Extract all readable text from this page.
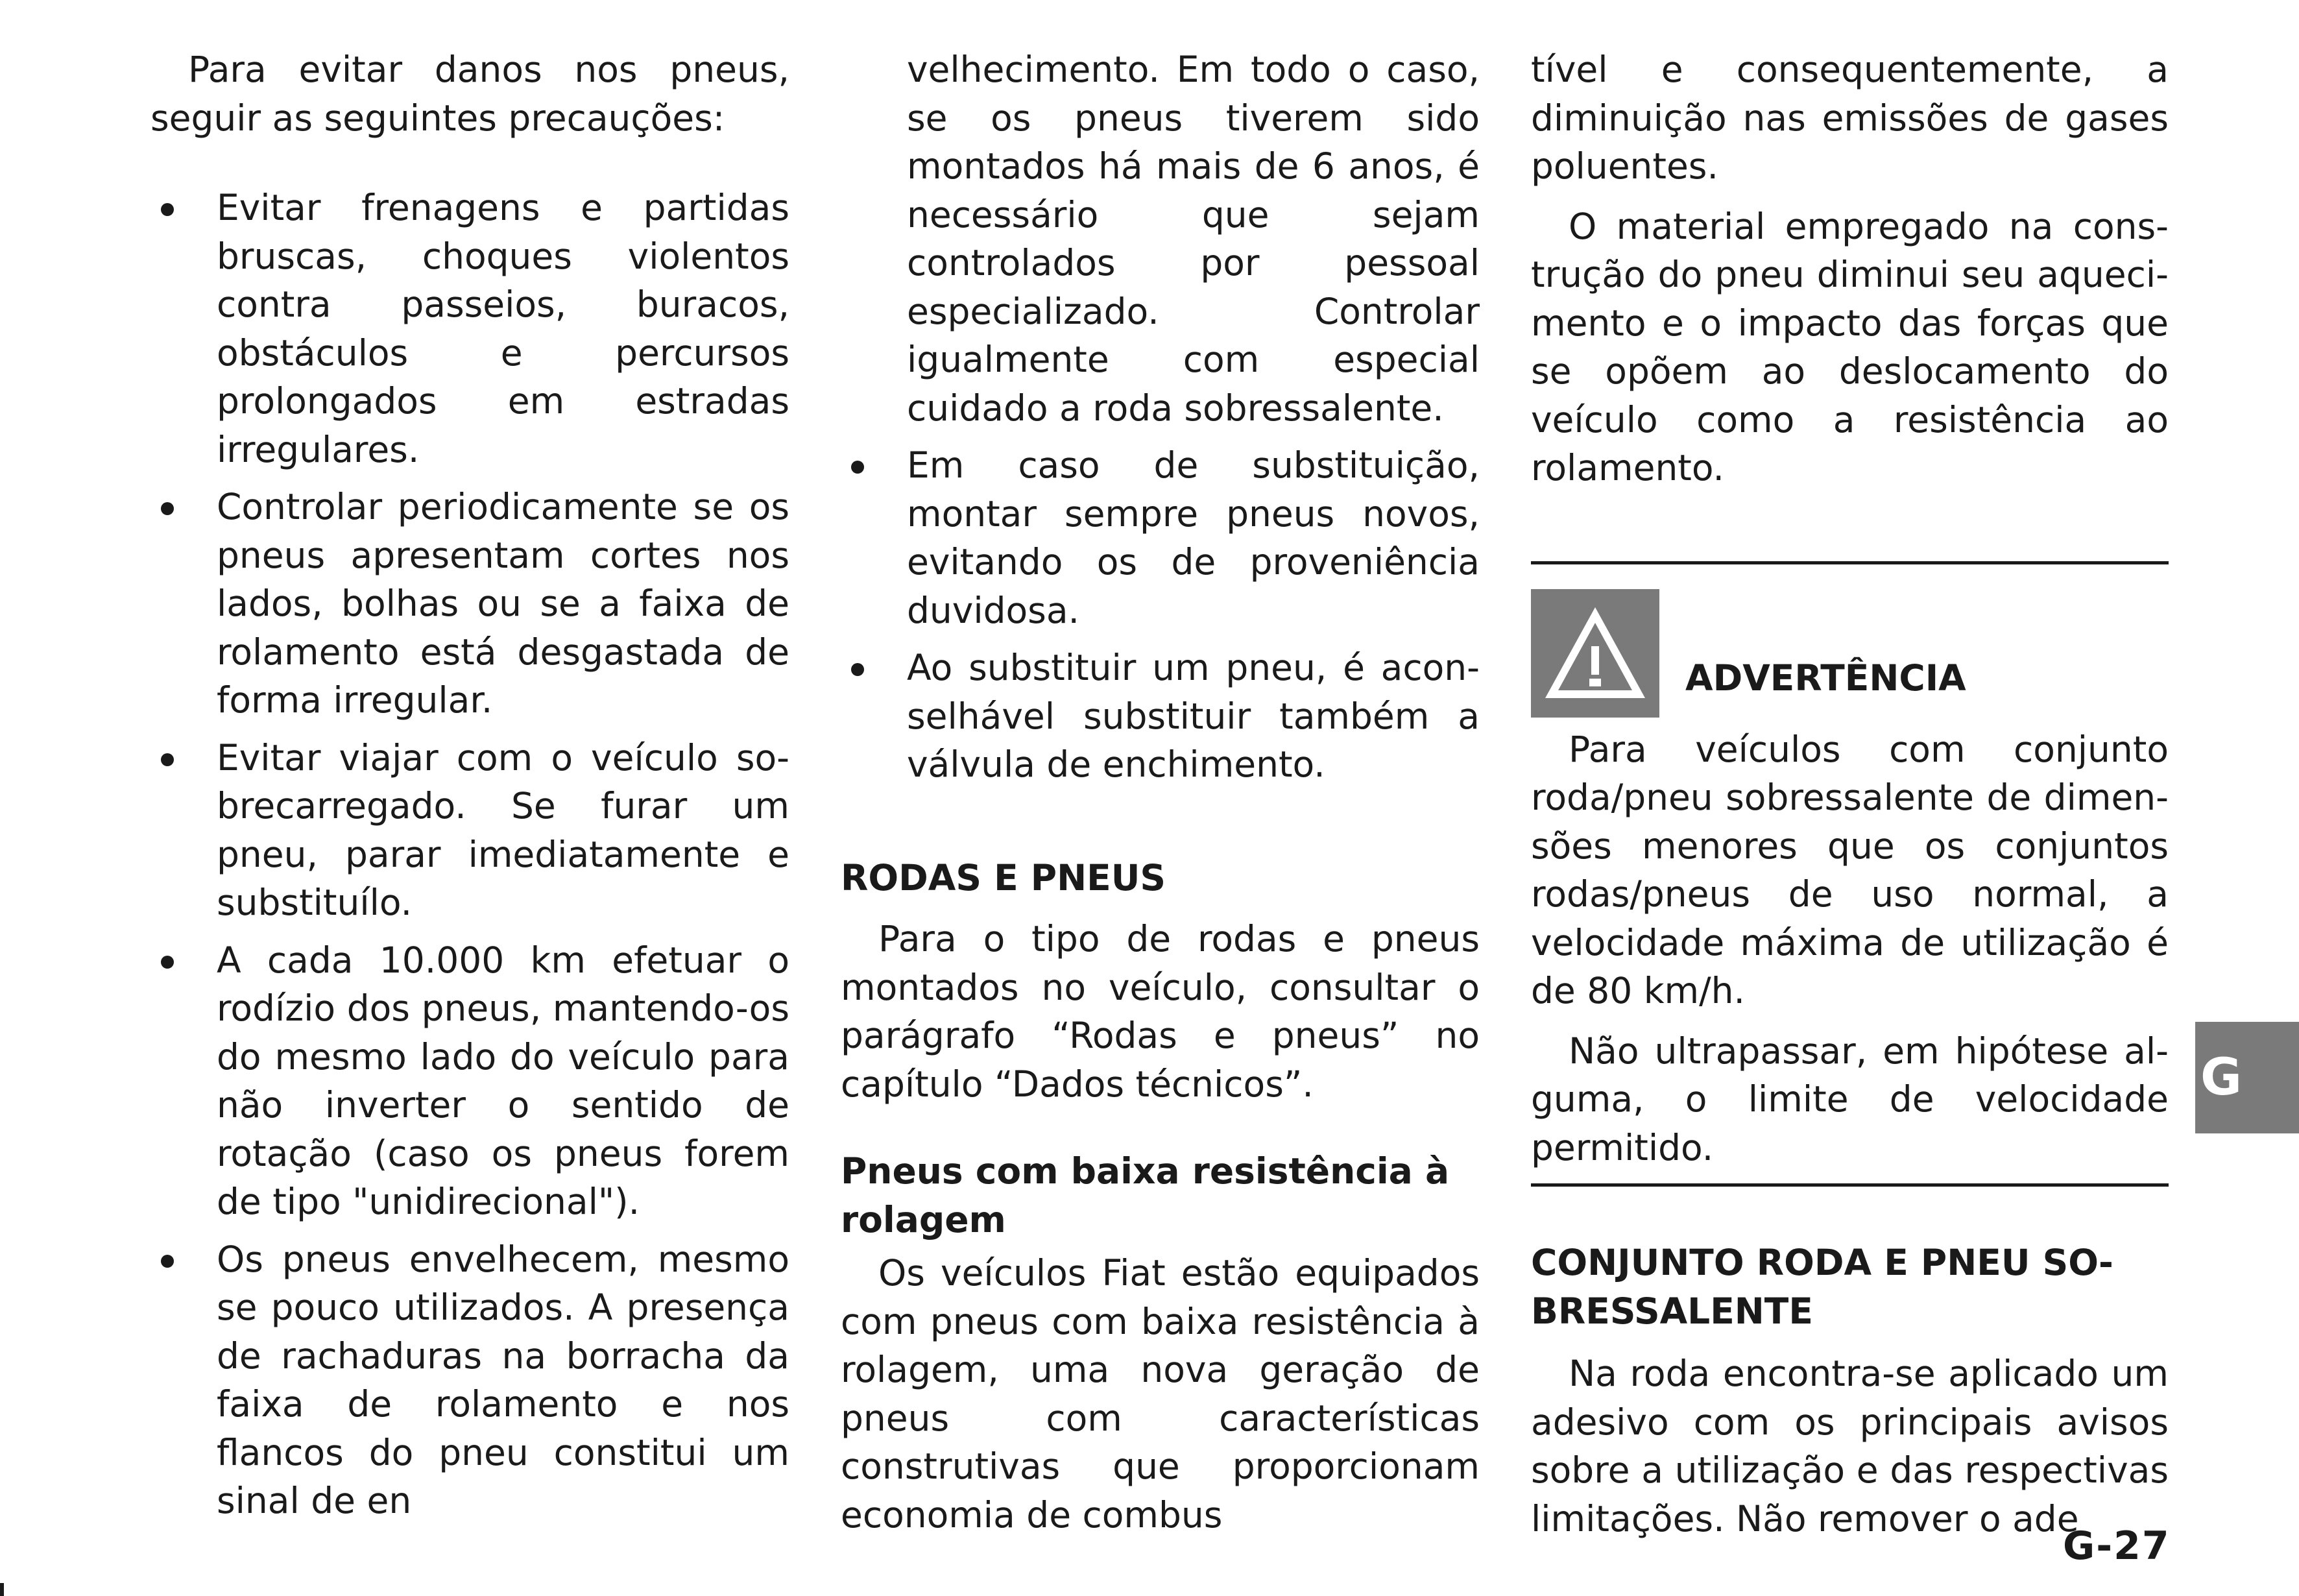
Para evitar danos nos pneus, seguir as seguintes precauções:

Evitar frenagens e partidas bruscas, choques violentos contra passeios, buracos, obstáculos e percursos prolongados em estradas irregulares.
Controlar periodicamente se os pneus apresentam cortes nos lados, bolhas ou se a faixa de rolamento está desgastada de forma irregular.
Evitar viajar com o veículo sobrecarregado. Se furar um pneu, parar imediatamente e substituílo.
A cada 10.000 km efetuar o rodízio dos pneus, mantendo-os do mesmo lado do veículo para não inverter o sentido de rotação (caso os pneus forem de tipo "unidirecional").
Os pneus envelhecem, mesmo se pouco utilizados. A presença de rachaduras na borracha da faixa de rolamento e nos flancos do pneu constitui um sinal de en

velhecimento. Em todo o caso, se os pneus tiverem sido montados há mais de 6 anos, é necessário que sejam controlados por pessoal especializado. Controlar igualmente com especial cuidado a roda sobressalente.

Em caso de substituição, montar sempre pneus novos, evitando os de proveniência duvidosa.
Ao substituir um pneu, é aconselhável substituir também a válvula de enchimento.
RODAS E PNEUS

Para o tipo de rodas e pneus montados no veículo, consultar o parágrafo “Rodas e pneus” no capítulo “Dados técnicos”.

Pneus com baixa resistência à rolagem

Os veículos Fiat estão equipados com pneus com baixa resistência à rolagem, uma nova geração de pneus com características construtivas que proporcionam economia de combus

tível e consequentemente, a diminuição nas emissões de gases poluentes.

O material empregado na construção do pneu diminui seu aquecimento e o impacto das forças que se opõem ao deslocamento do veículo como a resistência ao rolamento.

ADVERTÊNCIA

Para veículos com conjunto roda/pneu sobressalente de dimensões menores que os conjuntos rodas/pneus de uso normal, a velocidade máxima de utilização é de 80 km/h.

Não ultrapassar, em hipótese alguma, o limite de velocidade permitido.

CONJUNTO RODA E PNEU SOBRESSALENTE

Na roda encontra-se aplicado um adesivo com os principais avisos sobre a utilização e das respectivas limitações. Não remover o ade

G
G-27
